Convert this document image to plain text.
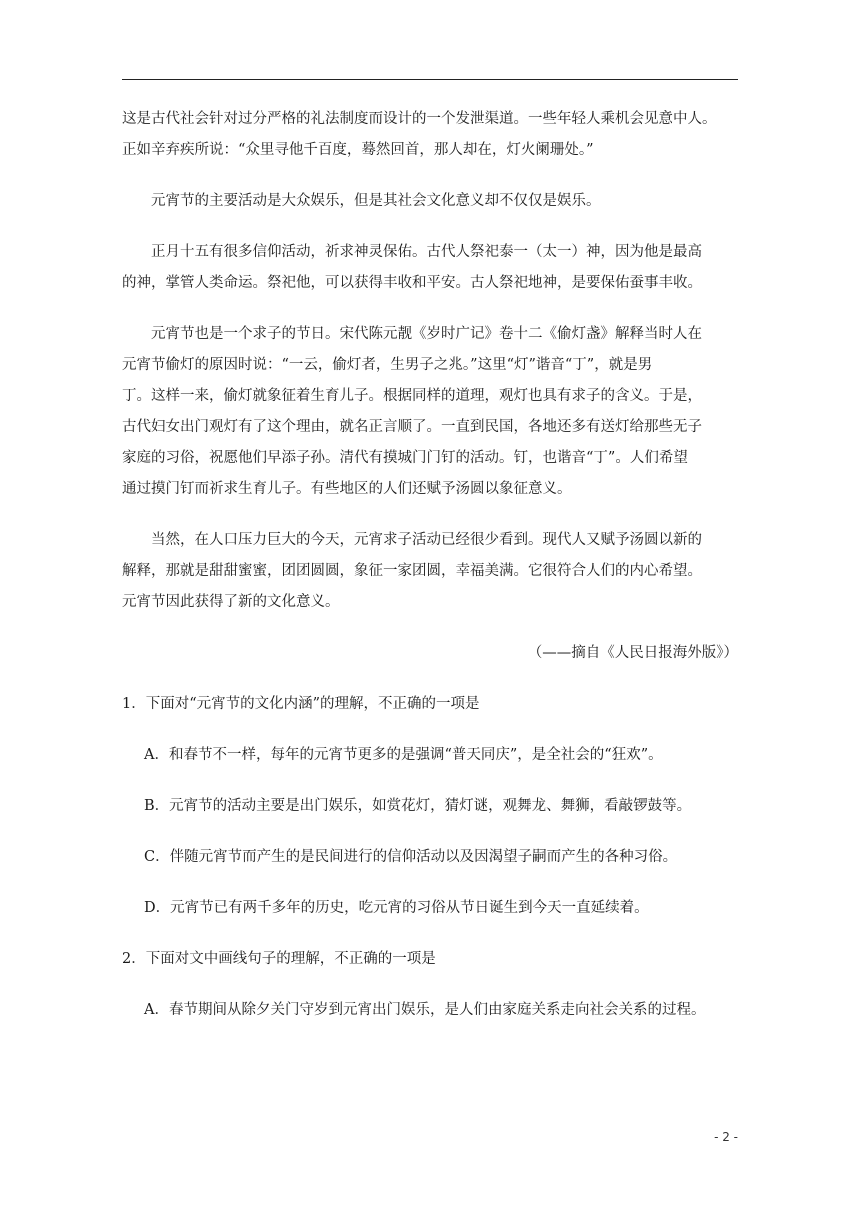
这是古代社会针对过分严格的礼法制度而设计的一个发泄渠道。一些年轻人乘机会见意中人。
正如辛弃疾所说：“众里寻他千百度，蓦然回首，那人却在，灯火阑珊处。”
元宵节的主要活动是大众娱乐，但是其社会文化意义却不仅仅是娱乐。
正月十五有很多信仰活动，祈求神灵保佑。古代人祭祀泰一（太一）神，因为他是最高
的神，掌管人类命运。祭祀他，可以获得丰收和平安。古人祭祀地神，是要保佑蚕事丰收。
元宵节也是一个求子的节日。宋代陈元靓《岁时广记》卷十二《偷灯盏》解释当时人在
元宵节偷灯的原因时说：“一云，偷灯者，生男子之兆。”这里“灯”谐音“丁”，就是男
丁。这样一来，偷灯就象征着生育儿子。根据同样的道理，观灯也具有求子的含义。于是，
古代妇女出门观灯有了这个理由，就名正言顺了。一直到民国，各地还多有送灯给那些无子
家庭的习俗，祝愿他们早添子孙。清代有摸城门门钉的活动。钉，也谐音“丁”。人们希望
通过摸门钉而祈求生育儿子。有些地区的人们还赋予汤圆以象征意义。
当然，在人口压力巨大的今天，元宵求子活动已经很少看到。现代人又赋予汤圆以新的
解释，那就是甜甜蜜蜜，团团圆圆，象征一家团圆，幸福美满。它很符合人们的内心希望。
元宵节因此获得了新的文化意义。
（——摘自《人民日报海外版》）
1．下面对“元宵节的文化内涵”的理解，不正确的一项是
A．和春节不一样，每年的元宵节更多的是强调“普天同庆”，是全社会的“狂欢”。
B．元宵节的活动主要是出门娱乐，如赏花灯，猜灯谜，观舞龙、舞狮，看敲锣鼓等。
C．伴随元宵节而产生的是民间进行的信仰活动以及因渴望子嗣而产生的各种习俗。
D．元宵节已有两千多年的历史，吃元宵的习俗从节日诞生到今天一直延续着。
2．下面对文中画线句子的理解，不正确的一项是
A．春节期间从除夕关门守岁到元宵出门娱乐，是人们由家庭关系走向社会关系的过程。
- 2 -
